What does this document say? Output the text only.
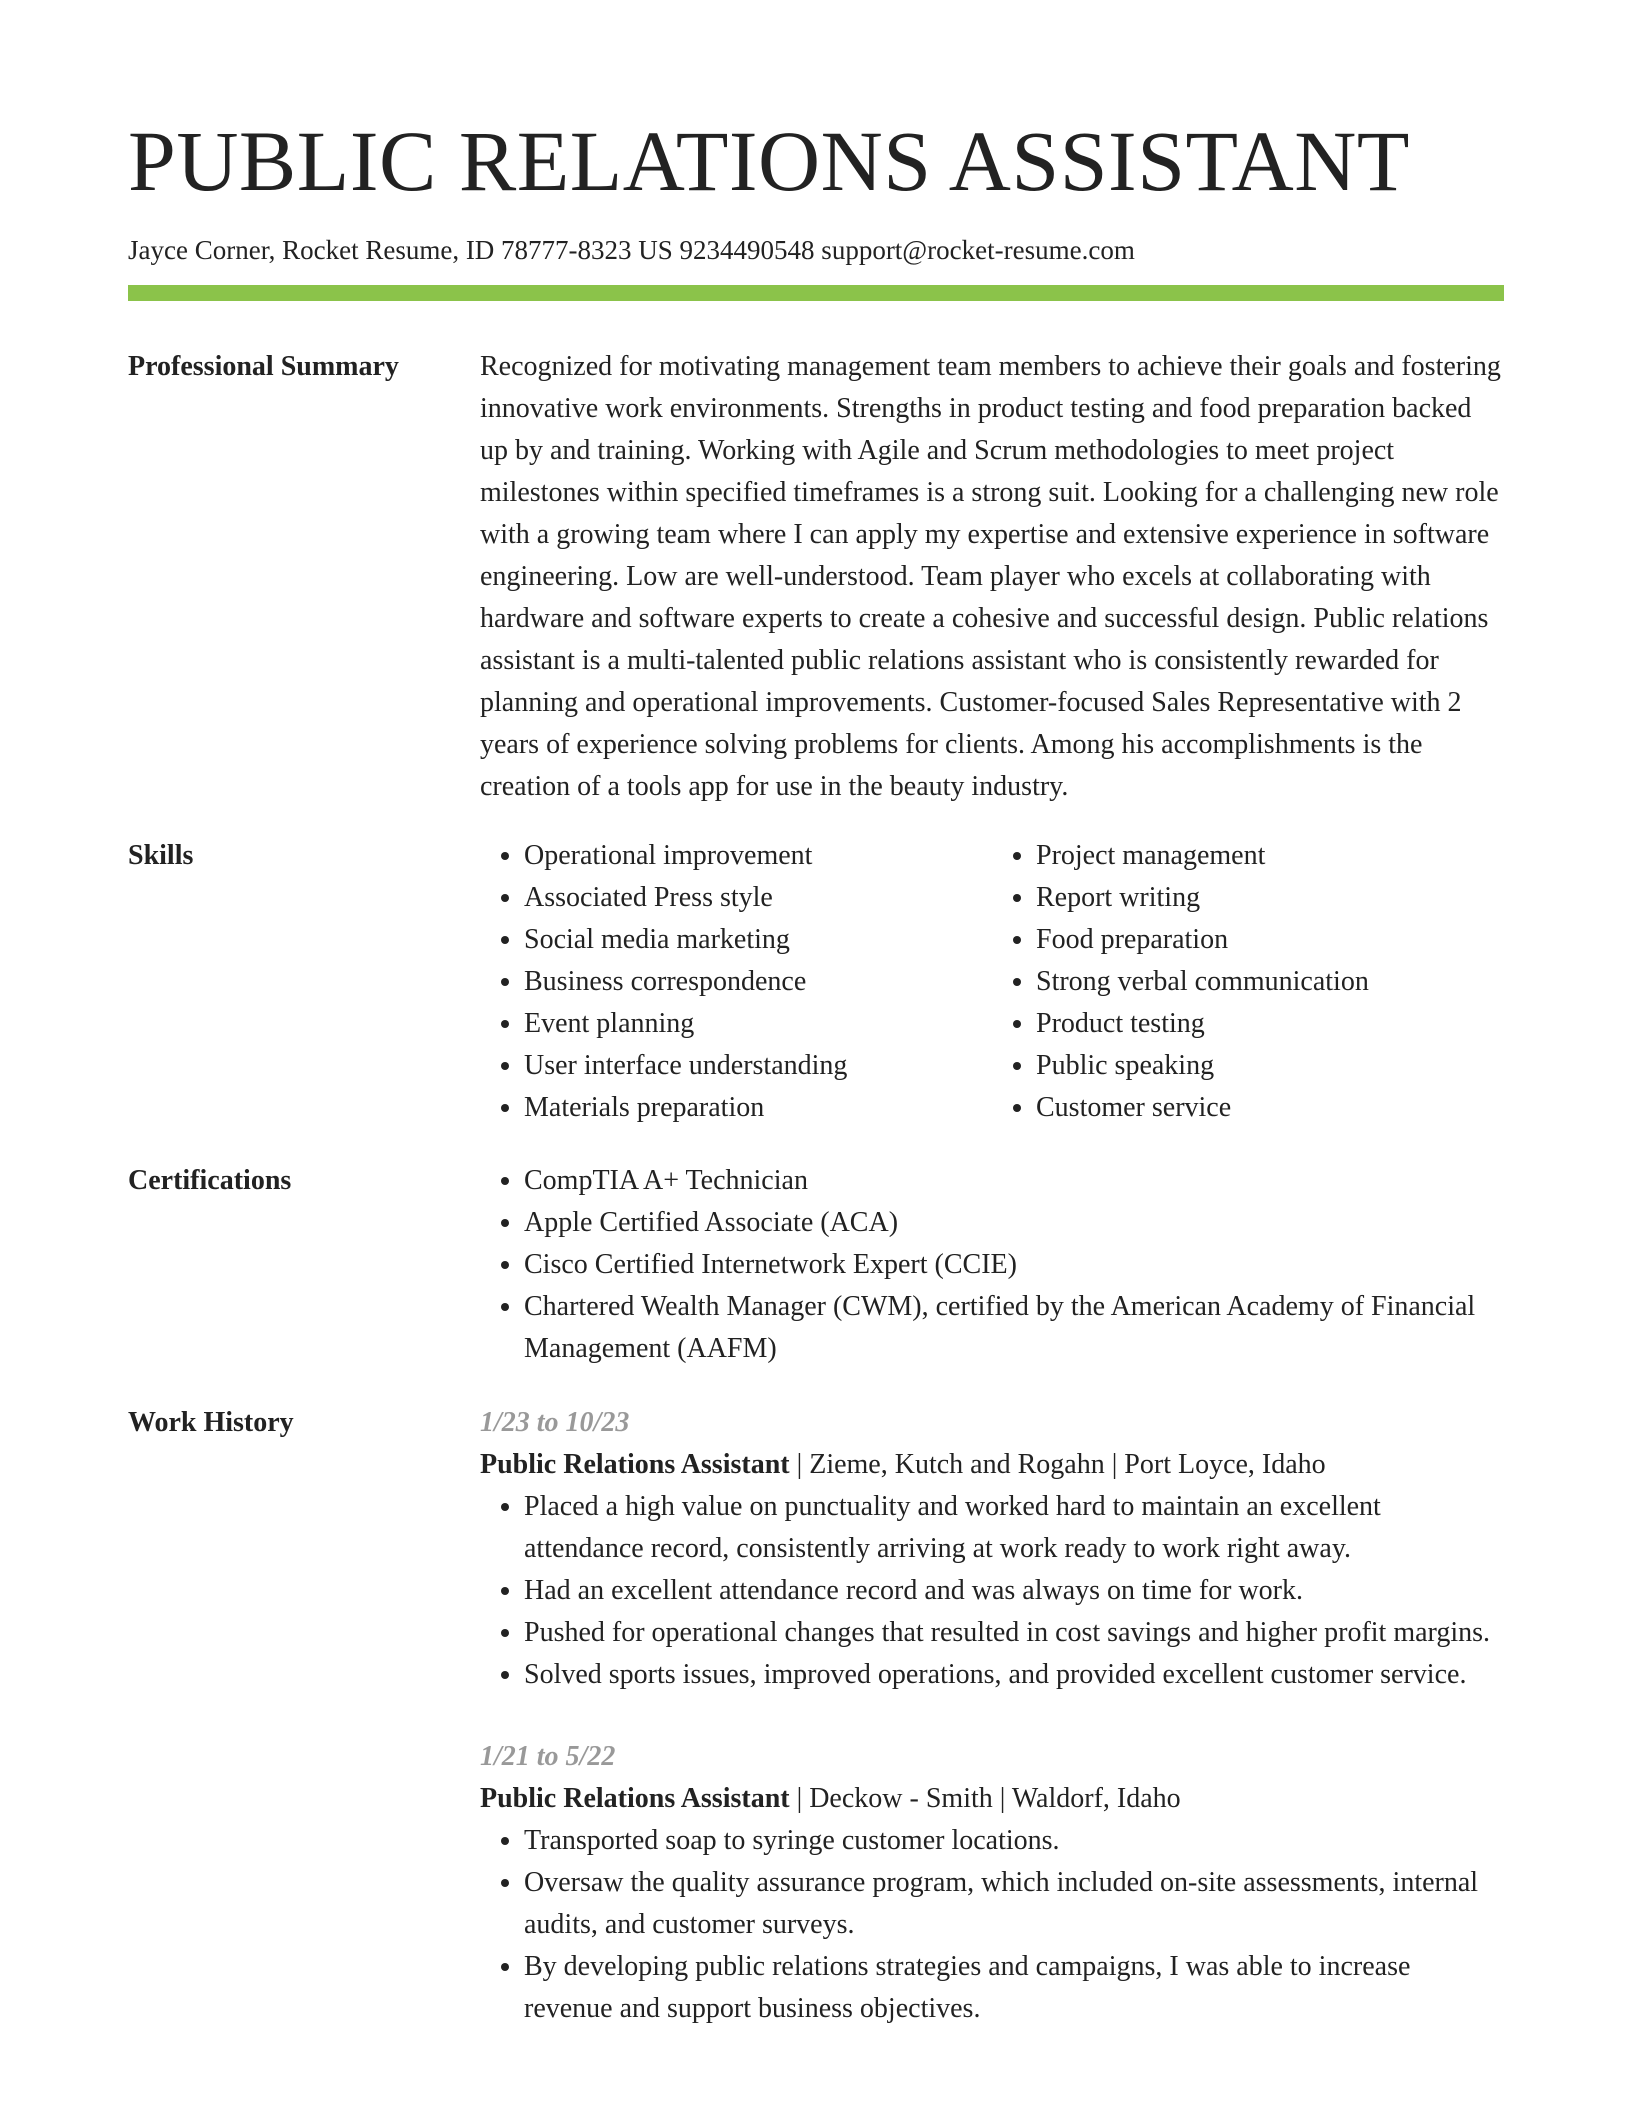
PUBLIC RELATIONS ASSISTANT
Jayce Corner, Rocket Resume, ID 78777-8323 US 9234490548 support@rocket-resume.com
Professional Summary	Recognized for motivating management team members to achieve their goals and fostering innovative work environments. Strengths in product testing and food preparation backed up by and training. Working with Agile and Scrum methodologies to meet project milestones within specified timeframes is a strong suit. Looking for a challenging new role with a growing team where I can apply my expertise and extensive experience in software engineering. Low are well-understood. Team player who excels at collaborating with hardware and software experts to create a cohesive and successful design. Public relations assistant is a multi-talented public relations assistant who is consistently rewarded for planning and operational improvements. Customer-focused Sales Representative with 2 years of experience solving problems for clients. Among his accomplishments is the creation of a tools app for use in the beauty industry.

Skills	• Operational improvement
• Associated Press style
• Social media marketing
• Business correspondence
• Event planning
• User interface understanding
• Materials preparation
• Project management
• Report writing
• Food preparation
• Strong verbal communication
• Product testing
• Public speaking
• Customer service
Certifications	• CompTIA A+ Technician
• Apple Certified Associate (ACA)
• Cisco Certified Internetwork Expert (CCIE)
• Chartered Wealth Manager (CWM), certified by the American Academy of Financial Management (AAFM)
Work History	1/23 to 10/23
Public Relations Assistant | Zieme, Kutch and Rogahn | Port Loyce, Idaho
• Placed a high value on punctuality and worked hard to maintain an excellent attendance record, consistently arriving at work ready to work right away.
• Had an excellent attendance record and was always on time for work.
• Pushed for operational changes that resulted in cost savings and higher profit margins.
• Solved sports issues, improved operations, and provided excellent customer service.
1/21 to 5/22
Public Relations Assistant | Deckow - Smith | Waldorf, Idaho
• Transported soap to syringe customer locations.
• Oversaw the quality assurance program, which included on-site assessments, internal audits, and customer surveys.
• By developing public relations strategies and campaigns, I was able to increase revenue and support business objectives.
